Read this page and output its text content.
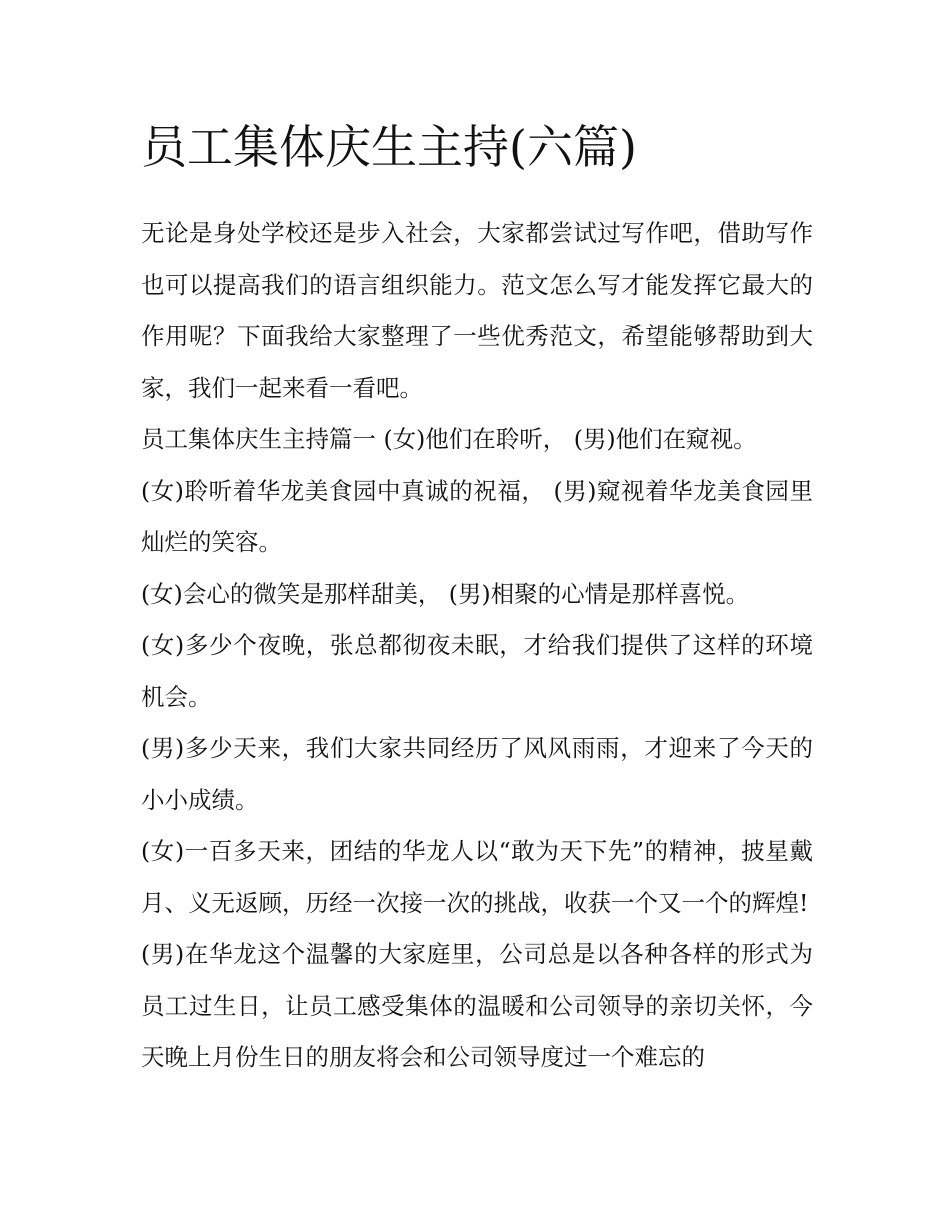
员工集体庆生主持(六篇)

无论是身处学校还是步入社会，大家都尝试过写作吧，借助写作也可以提高我们的语言组织能力。范文怎么写才能发挥它最大的作用呢？下面我给大家整理了一些优秀范文，希望能够帮助到大家，我们一起来看一看吧。

员工集体庆生主持篇一 (女)他们在聆听， (男)他们在窥视。

(女)聆听着华龙美食园中真诚的祝福， (男)窥视着华龙美食园里灿烂的笑容。

(女)会心的微笑是那样甜美， (男)相聚的心情是那样喜悦。

(女)多少个夜晚，张总都彻夜未眠，才给我们提供了这样的环境机会。

(男)多少天来，我们大家共同经历了风风雨雨，才迎来了今天的小小成绩。

(女)一百多天来，团结的华龙人以“敢为天下先”的精神，披星戴月、义无返顾，历经一次接一次的挑战，收获一个又一个的辉煌!

(男)在华龙这个温馨的大家庭里，公司总是以各种各样的形式为员工过生日，让员工感受集体的温暖和公司领导的亲切关怀，今天晚上月份生日的朋友将会和公司领导度过一个难忘的
